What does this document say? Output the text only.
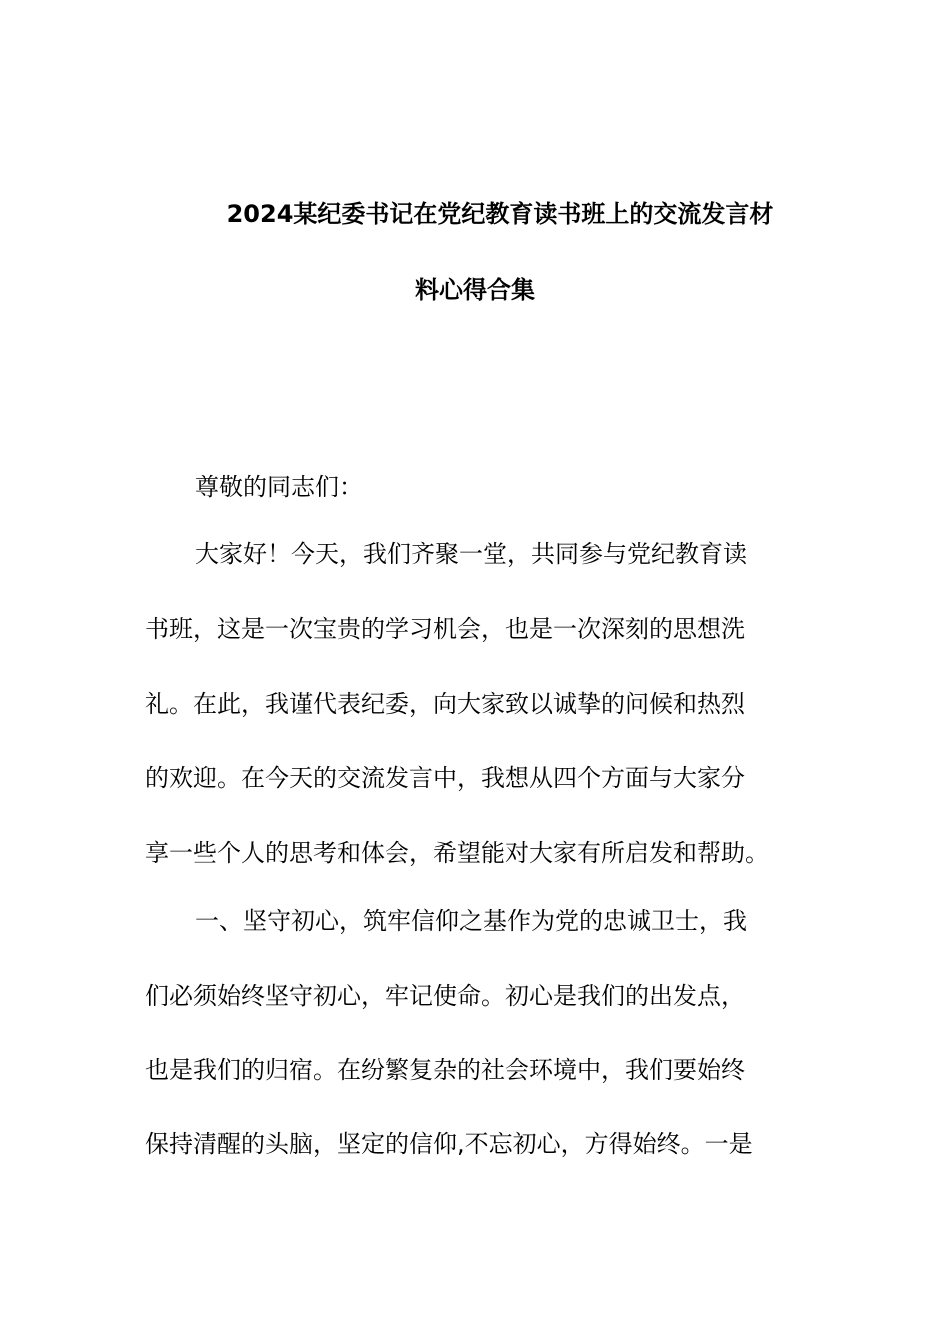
2024某纪委书记在党纪教育读书班上的交流发言材
料心得合集

尊敬的同志们：

大家好！今天，我们齐聚一堂，共同参与党纪教育读

书班，这是一次宝贵的学习机会，也是一次深刻的思想洗

礼。在此，我谨代表纪委，向大家致以诚挚的问候和热烈

的欢迎。在今天的交流发言中，我想从四个方面与大家分

享一些个人的思考和体会，希望能对大家有所启发和帮助。

一、坚守初心，筑牢信仰之基作为党的忠诚卫士，我

们必须始终坚守初心，牢记使命。初心是我们的出发点，

也是我们的归宿。在纷繁复杂的社会环境中，我们要始终

保持清醒的头脑，坚定的信仰,不忘初心，方得始终。一是
